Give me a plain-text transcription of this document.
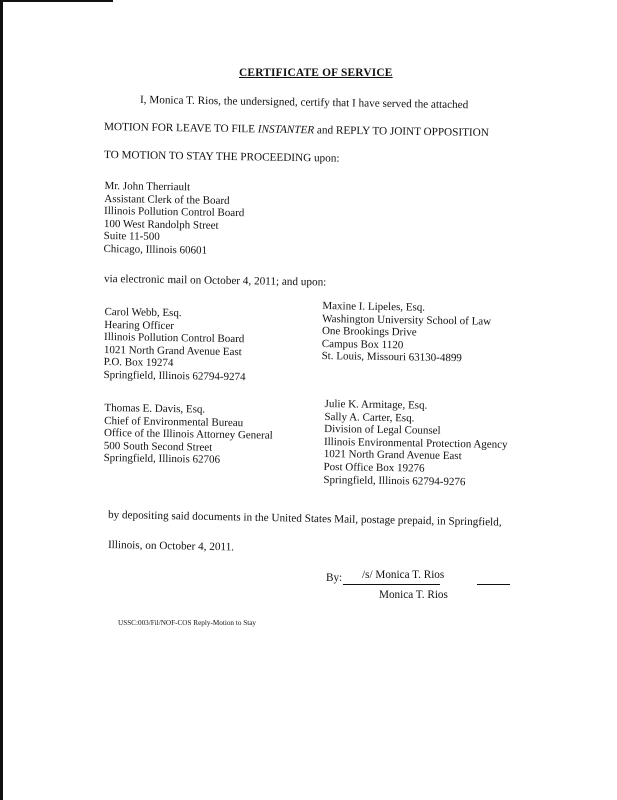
CERTIFICATE OF SERVICE
I, Monica T. Rios, the undersigned, certify that I have served the attached
MOTION FOR LEAVE TO FILE INSTANTER and REPLY TO JOINT OPPOSITION
TO MOTION TO STAY THE PROCEEDING upon:
Mr. John Therriault
Assistant Clerk of the Board
Illinois Pollution Control Board
100 West Randolph Street
Suite 11-500
Chicago, Illinois 60601
via electronic mail on October 4, 2011; and upon:
Carol Webb, Esq.
Hearing Officer
Illinois Pollution Control Board
1021 North Grand Avenue East
P.O. Box 19274
Springfield, Illinois 62794-9274
Maxine I. Lipeles, Esq.
Washington University School of Law
One Brookings Drive
Campus Box 1120
St. Louis, Missouri 63130-4899
Thomas E. Davis, Esq.
Chief of Environmental Bureau
Office of the Illinois Attorney General
500 South Second Street
Springfield, Illinois 62706
Julie K. Armitage, Esq.
Sally A. Carter, Esq.
Division of Legal Counsel
Illinois Environmental Protection Agency
1021 North Grand Avenue East
Post Office Box 19276
Springfield, Illinois 62794-9276
by depositing said documents in the United States Mail, postage prepaid, in Springfield,
Illinois, on October 4, 2011.
By: /s/ Monica T. Rios
Monica T. Rios
USSC:003/Fil/NOF-COS Reply-Motion to Stay
